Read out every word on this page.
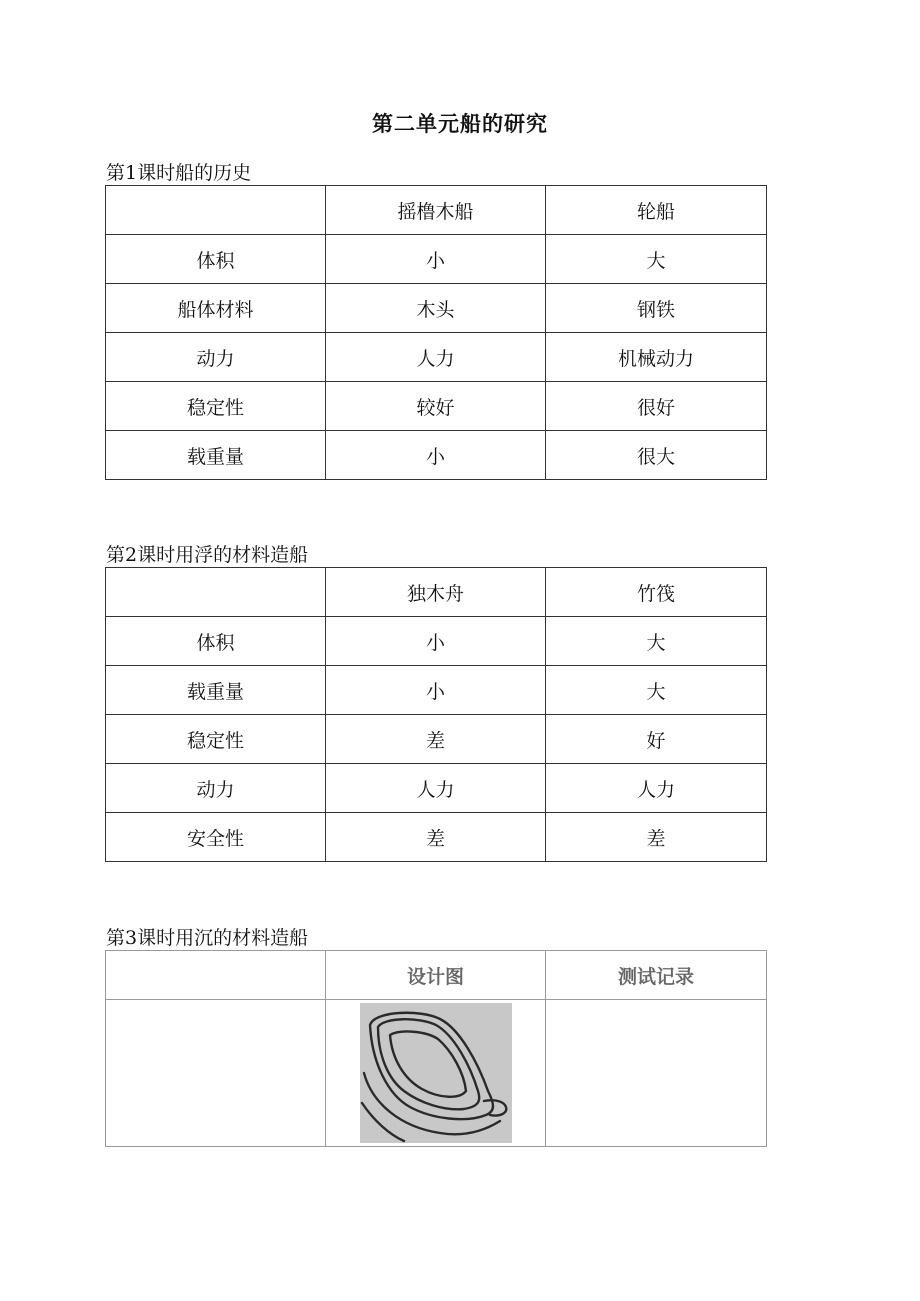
第二单元船的研究
第1课时船的历史
	摇橹木船	轮船
体积	小	大
船体材料	木头	钢铁
动力	人力	机械动力
稳定性	较好	很好
载重量	小	很大
第2课时用浮的材料造船
	独木舟	竹筏
体积	小	大
载重量	小	大
稳定性	差	好
动力	人力	人力
安全性	差	差
第3课时用沉的材料造船
	设计图	测试记录
